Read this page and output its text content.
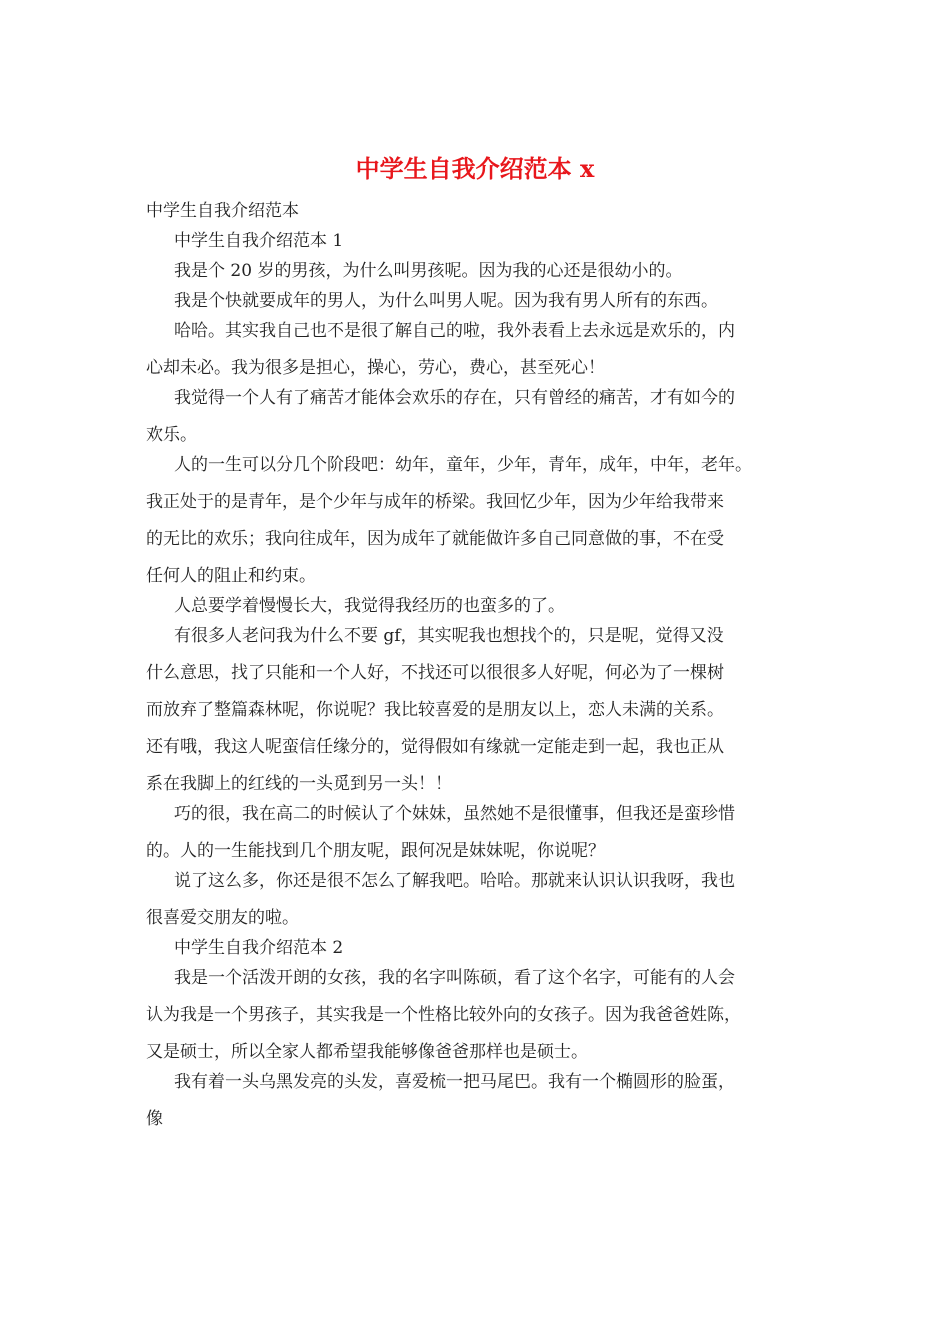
中学生自我介绍范本 x
中学生自我介绍范本
中学生自我介绍范本 1
我是个 20 岁的男孩，为什么叫男孩呢。因为我的心还是很幼小的。
我是个快就要成年的男人，为什么叫男人呢。因为我有男人所有的东西。
哈哈。其实我自己也不是很了解自己的啦，我外表看上去永远是欢乐的，内
心却未必。我为很多是担心，操心，劳心，费心，甚至死心！
我觉得一个人有了痛苦才能体会欢乐的存在，只有曾经的痛苦，才有如今的
欢乐。
人的一生可以分几个阶段吧：幼年，童年，少年，青年，成年，中年，老年。
我正处于的是青年，是个少年与成年的桥梁。我回忆少年，因为少年给我带来
的无比的欢乐；我向往成年，因为成年了就能做许多自己同意做的事，不在受
任何人的阻止和约束。
人总要学着慢慢长大，我觉得我经历的也蛮多的了。
有很多人老问我为什么不要 gf，其实呢我也想找个的，只是呢，觉得又没
什么意思，找了只能和一个人好，不找还可以很很多人好呢，何必为了一棵树
而放弃了整篇森林呢，你说呢？我比较喜爱的是朋友以上，恋人未满的关系。
还有哦，我这人呢蛮信任缘分的，觉得假如有缘就一定能走到一起，我也正从
系在我脚上的红线的一头觅到另一头！！
巧的很，我在高二的时候认了个妹妹，虽然她不是很懂事，但我还是蛮珍惜
的。人的一生能找到几个朋友呢，跟何况是妹妹呢，你说呢？
说了这么多，你还是很不怎么了解我吧。哈哈。那就来认识认识我呀，我也
很喜爱交朋友的啦。
中学生自我介绍范本 2
我是一个活泼开朗的女孩，我的名字叫陈硕，看了这个名字，可能有的人会
认为我是一个男孩子，其实我是一个性格比较外向的女孩子。因为我爸爸姓陈，
又是硕士，所以全家人都希望我能够像爸爸那样也是硕士。
我有着一头乌黑发亮的头发，喜爱梳一把马尾巴。我有一个椭圆形的脸蛋，
像
